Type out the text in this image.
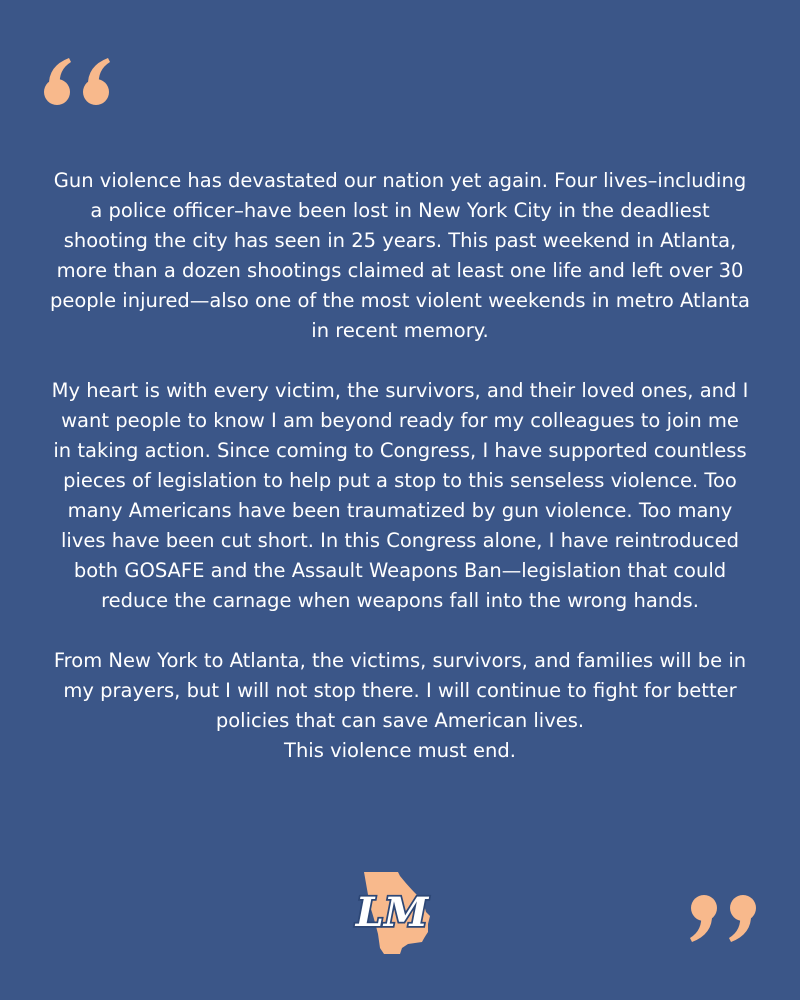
Gun violence has devastated our nation yet again. Four lives–including a police officer–have been lost in New York City in the deadliest shooting the city has seen in 25 years. This past weekend in Atlanta, more than a dozen shootings claimed at least one life and left over 30 people injured—also one of the most violent weekends in metro Atlanta in recent memory.

My heart is with every victim, the survivors, and their loved ones, and I want people to know I am beyond ready for my colleagues to join me in taking action. Since coming to Congress, I have supported countless pieces of legislation to help put a stop to this senseless violence. Too many Americans have been traumatized by gun violence. Too many lives have been cut short. In this Congress alone, I have reintroduced both GOSAFE and the Assault Weapons Ban—legislation that could reduce the carnage when weapons fall into the wrong hands.

From New York to Atlanta, the victims, survivors, and families will be in my prayers, but I will not stop there. I will continue to fight for better policies that can save American lives.
This violence must end.

LM
